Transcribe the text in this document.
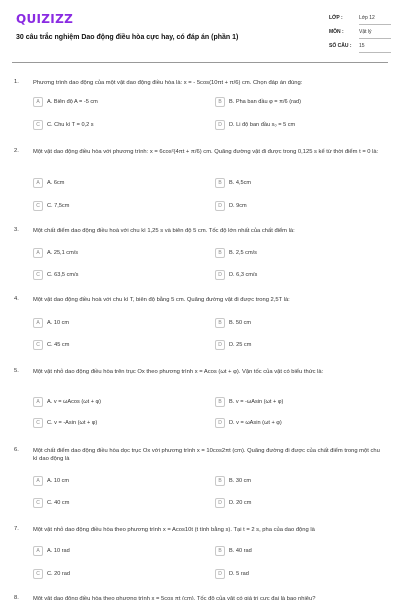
QUIZIZZ
30 câu trắc nghiệm Dao động điều hòa cực hay, có đáp án (phần 1)
LỚP :	Lớp 12
MÔN :	Vật lý
SỐ CÂU : 15
1. Phương trình dao động của một vật dao động điều hòa là: x = - 5cos(10πt + π/6) cm. Chọn đáp án đúng:
A	A. Biên độ A = -5 cm	B	B. Pha ban đầu φ = π/6 (rad)
C	C. Chu kì T = 0,2 s	D	D. Li độ ban đầu x₀ = 5 cm
2. Một vật dao động điều hòa với phương trình: x = 6cos²(4πt + π/6) cm. Quãng đường vật đi được trong 0,125 s kể từ thời điểm t = 0 là:
A	A. 6cm	B	B. 4,5cm
C	C. 7,5cm	D	D. 9cm
3. Một chất điểm dao động điều hoà với chu kì 1,25 s và biên độ 5 cm. Tốc độ lớn nhất của chất điểm là:
A	A. 25,1 cm/s	B	B. 2,5 cm/s
C	C. 63,5 cm/s	D	D. 6,3 cm/s
4. Một vật dao động điều hoà với chu kì T, biên độ bằng 5 cm. Quãng đường vật đi được trong 2,5T là:
A	A. 10 cm	B	B. 50 cm
C	C. 45 cm	D	D. 25 cm
5. Một vật nhỏ dao động điều hòa trên trục Ox theo phương trình x = Acos (ωt + φ). Vận tốc của vật có biểu thức là:
A	A. v = ωAcos (ωt + φ)	B	B. v = -ωAsin (ωt + φ)
C	C. v = -Asin (ωt + φ)	D	D. v = ωAsin (ωt + φ)
6. Một chất điểm dao động điều hòa dọc trục Ox với phương trình x = 10cos2πt (cm). Quãng đường đi được của chất điểm trong một chu kì dao động là
A	A. 10 cm	B	B. 30 cm
C	C. 40 cm	D	D. 20 cm
7. Một vật nhỏ dao động điều hòa theo phương trình x = Acos10t (t tính bằng s). Tại t = 2 s, pha của dao động là
A	A. 10 rad	B	B. 40 rad
C	C. 20 rad	D	D. 5 rad
8. Một vật dao động điều hòa theo phương trình x = 5cos πt (cm). Tốc độ của vật có giá trị cực đại là bao nhiêu?
